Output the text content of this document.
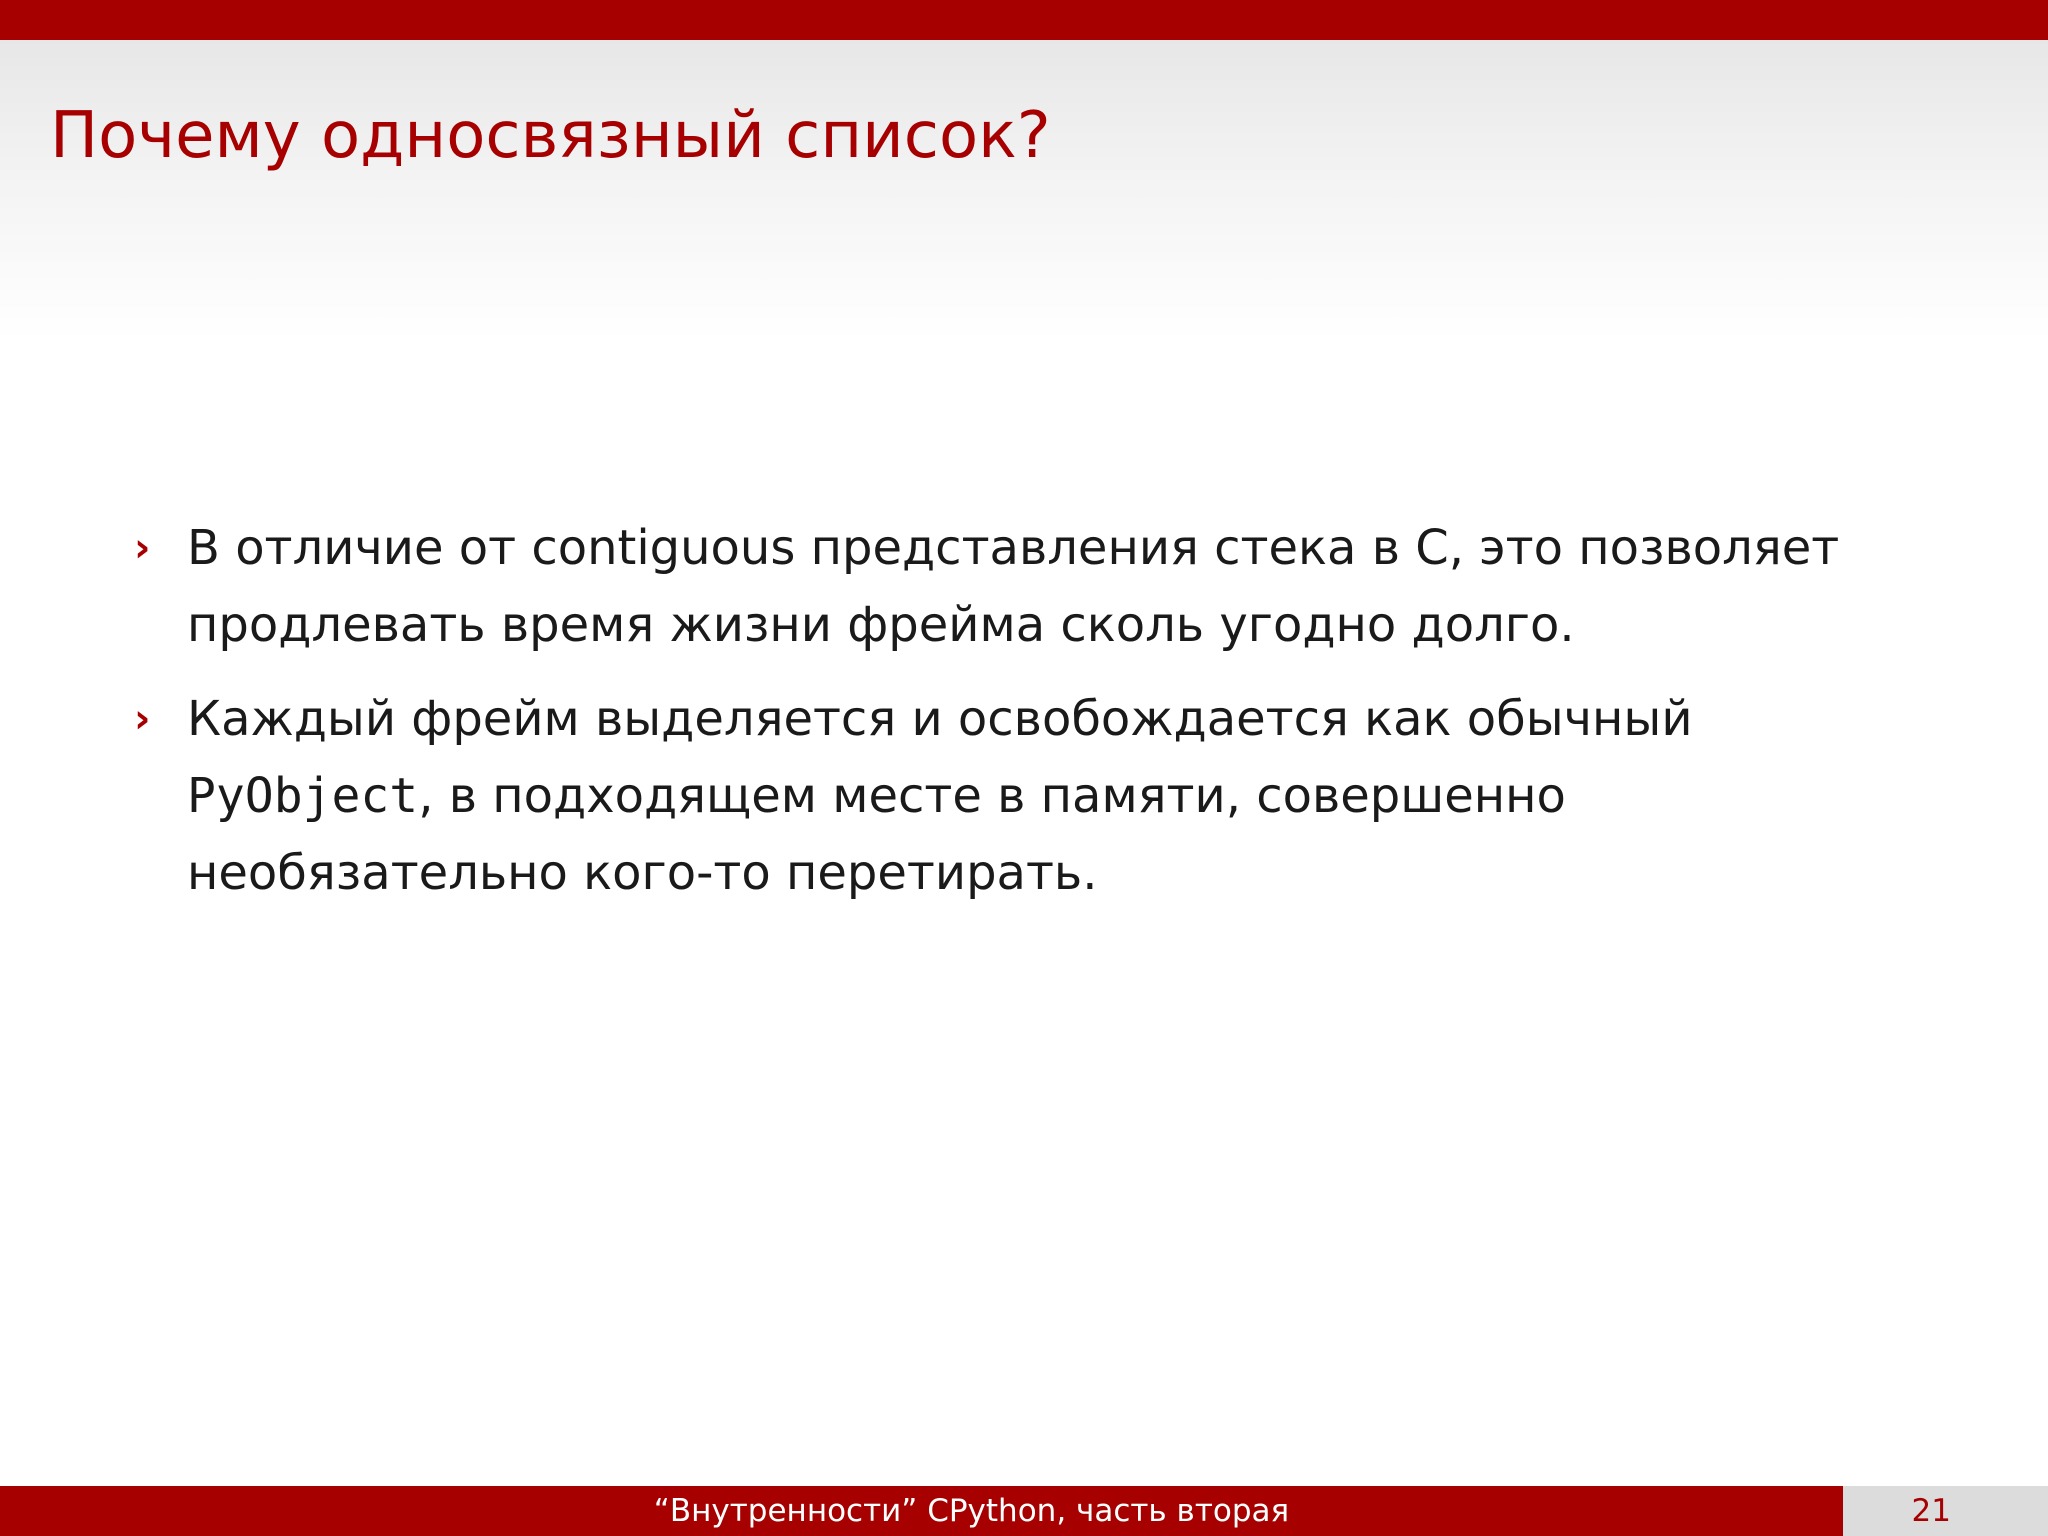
Почему односвязный список?
› В отличие от contiguous представления стека в C, это позволяет продлевать время жизни фрейма сколь угодно долго.
› Каждый фрейм выделяется и освобождается как обычный PyObject, в подходящем месте в памяти, совершенно необязательно кого-то перетирать.
“Внутренности” CPython, часть вторая	21
